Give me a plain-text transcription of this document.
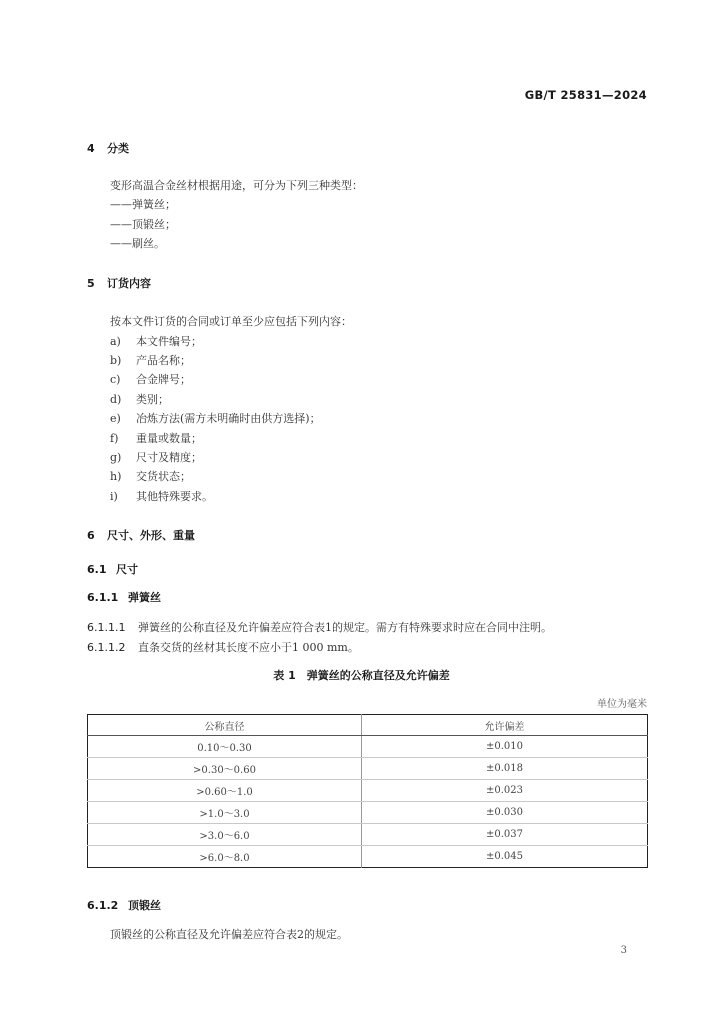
GB/T 25831—2024
4 分类
变形高温合金丝材根据用途，可分为下列三种类型：
——弹簧丝；
——顶锻丝；
——刷丝。
5 订货内容
按本文件订货的合同或订单至少应包括下列内容：
a) 本文件编号；
b) 产品名称；
c) 合金牌号；
d) 类别；
e) 冶炼方法(需方未明确时由供方选择)；
f) 重量或数量；
g) 尺寸及精度；
h) 交货状态；
i) 其他特殊要求。
6 尺寸、外形、重量
6.1 尺寸
6.1.1 弹簧丝
6.1.1.1 弹簧丝的公称直径及允许偏差应符合表1的规定。需方有特殊要求时应在合同中注明。
6.1.1.2 直条交货的丝材其长度不应小于1 000 mm。
表 1　弹簧丝的公称直径及允许偏差
单位为毫米
公称直径	允许偏差
0.10～0.30	±0.010
>0.30～0.60	±0.018
>0.60～1.0	±0.023
>1.0～3.0	±0.030
>3.0～6.0	±0.037
>6.0～8.0	±0.045
6.1.2 顶锻丝
顶锻丝的公称直径及允许偏差应符合表2的规定。
3
